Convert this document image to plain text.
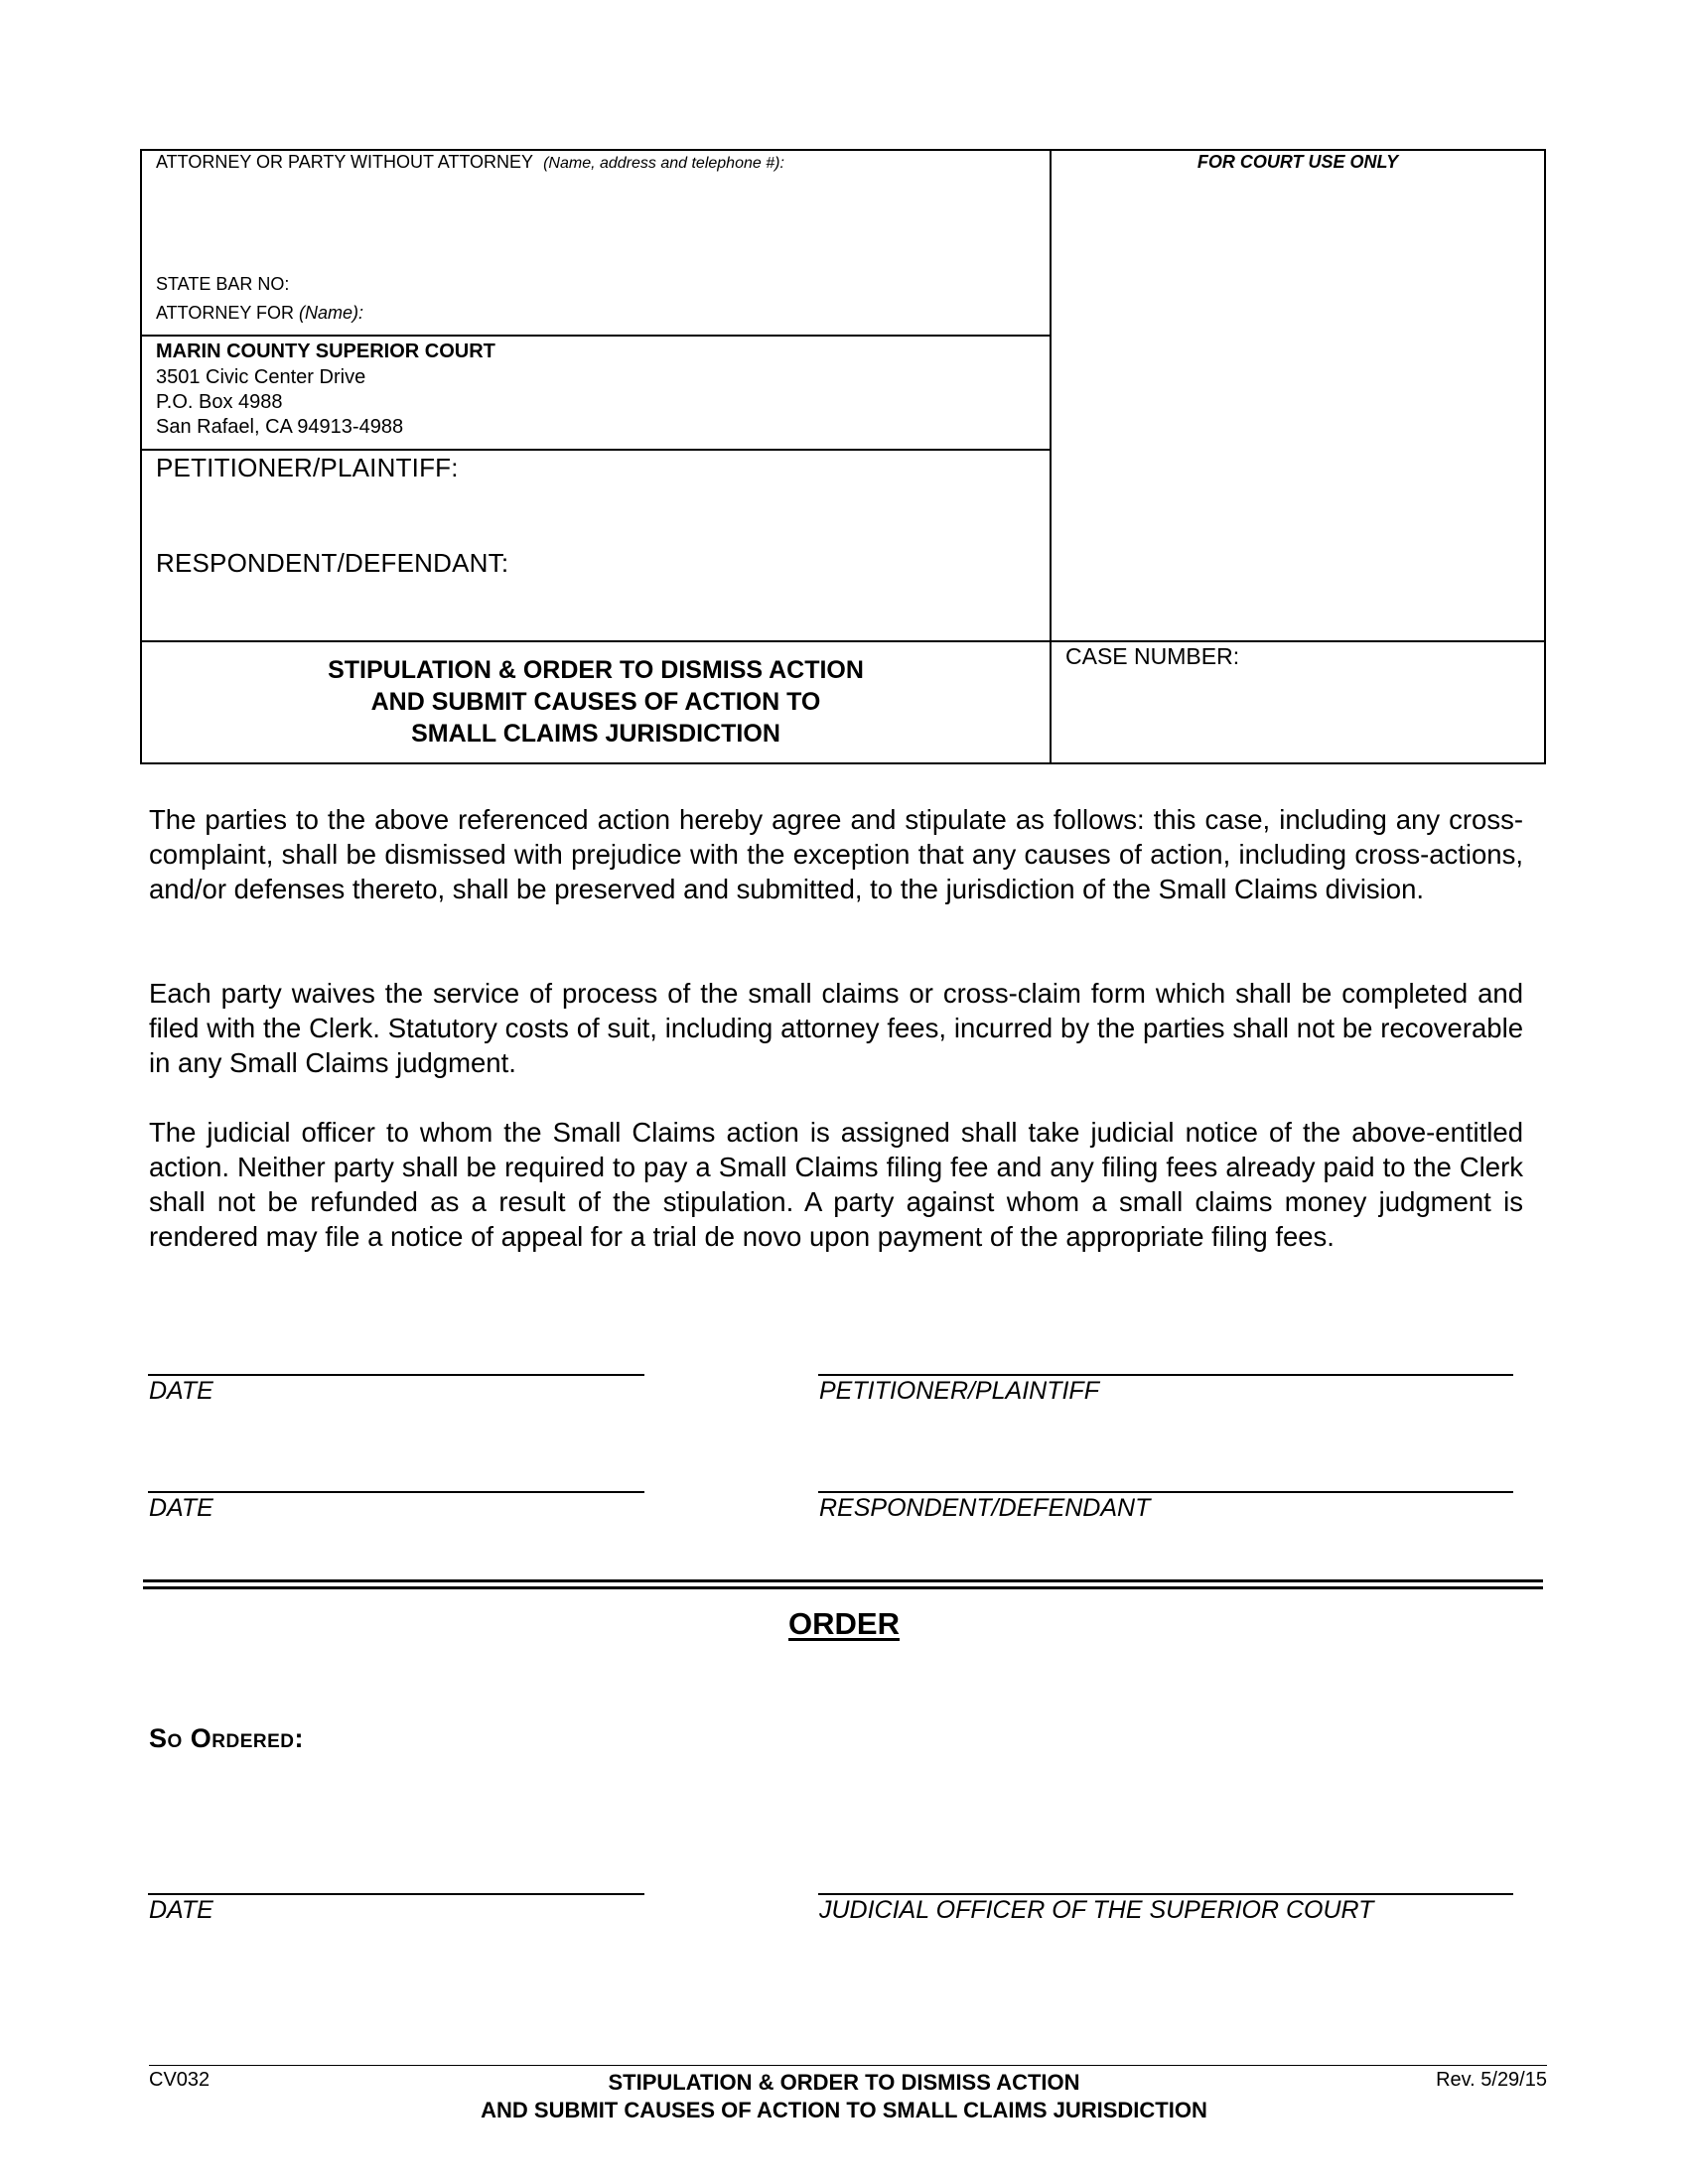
ATTORNEY OR PARTY WITHOUT ATTORNEY (Name, address and telephone #):
STATE BAR NO:
ATTORNEY FOR (Name):
FOR COURT USE ONLY
MARIN COUNTY SUPERIOR COURT
3501 Civic Center Drive
P.O. Box 4988
San Rafael, CA 94913-4988
PETITIONER/PLAINTIFF:
RESPONDENT/DEFENDANT:
STIPULATION & ORDER TO DISMISS ACTION
AND SUBMIT CAUSES OF ACTION TO
SMALL CLAIMS JURISDICTION
CASE NUMBER:
The parties to the above referenced action hereby agree and stipulate as follows: this case, including any cross-complaint, shall be dismissed with prejudice with the exception that any causes of action, including cross-actions, and/or defenses thereto, shall be preserved and submitted, to the jurisdiction of the Small Claims division.
Each party waives the service of process of the small claims or cross-claim form which shall be completed and filed with the Clerk. Statutory costs of suit, including attorney fees, incurred by the parties shall not be recoverable in any Small Claims judgment.
The judicial officer to whom the Small Claims action is assigned shall take judicial notice of the above-entitled action. Neither party shall be required to pay a Small Claims filing fee and any filing fees already paid to the Clerk shall not be refunded as a result of the stipulation. A party against whom a small claims money judgment is rendered may file a notice of appeal for a trial de novo upon payment of the appropriate filing fees.
DATE	PETITIONER/PLAINTIFF
DATE	RESPONDENT/DEFENDANT
ORDER
So Ordered:
DATE	JUDICIAL OFFICER OF THE SUPERIOR COURT
CV032	STIPULATION & ORDER TO DISMISS ACTION
AND SUBMIT CAUSES OF ACTION TO SMALL CLAIMS JURISDICTION
Rev. 5/29/15
